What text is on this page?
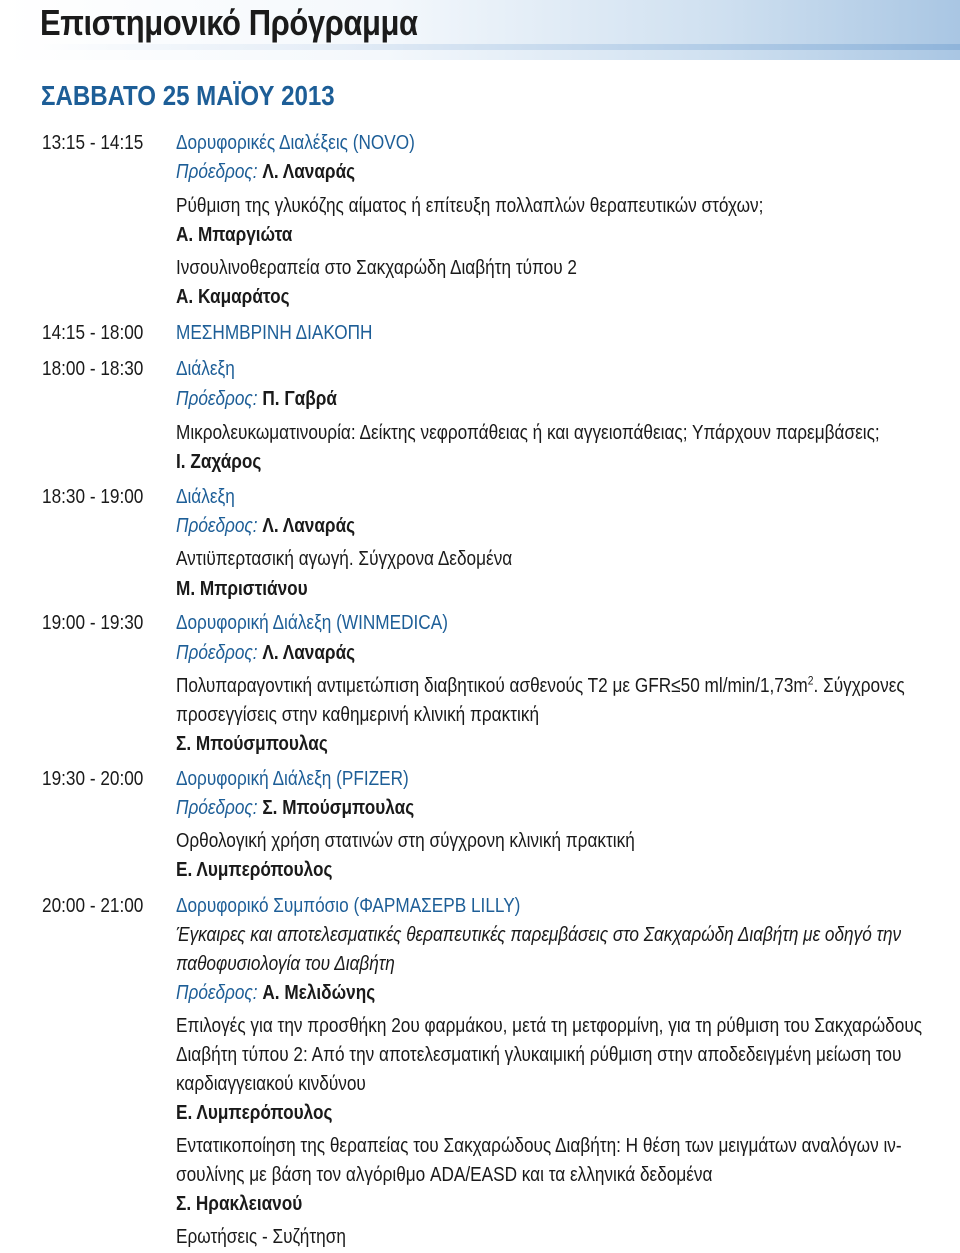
Επιστημονικό Πρόγραμμα
ΣΑΒΒΑΤΟ 25 ΜΑΪΟΥ 2013
13:15 - 14:15 Δορυφορικές Διαλέξεις (NOVO)
Πρόεδρος: Λ. Λαναράς
Ρύθμιση της γλυκόζης αίματος ή επίτευξη πολλαπλών θεραπευτικών στόχων;
Α. Μπαργιώτα
Ινσουλινοθεραπεία στο Σακχαρώδη Διαβήτη τύπου 2
Α. Καμαράτος
14:15 - 18:00 ΜΕΣΗΜΒΡΙΝΗ ΔΙΑΚΟΠΗ
18:00 - 18:30 Διάλεξη
Πρόεδρος: Π. Γαβρά
Μικρολευκωματινουρία: Δείκτης νεφροπάθειας ή και αγγειοπάθειας; Υπάρχουν παρεμβάσεις;
Ι. Ζαχάρος
18:30 - 19:00 Διάλεξη
Πρόεδρος: Λ. Λαναράς
Αντιϋπερτασική αγωγή. Σύγχρονα Δεδομένα
Μ. Μπριστιάνου
19:00 - 19:30 Δορυφορική Διάλεξη (WINMEDICA)
Πρόεδρος: Λ. Λαναράς
Πολυπαραγοντική αντιμετώπιση διαβητικού ασθενούς Τ2 με GFR≤50 $ml/\min/1,73m^2$. Σύγχρονες
προσεγγίσεις στην καθημερινή κλινική πρακτική
Σ. Μπούσμπουλας
19:30 - 20:00 Δορυφορική Διάλεξη (PFIZER)
Πρόεδρος: Σ. Μπούσμπουλας
Ορθολογική χρήση στατινών στη σύγχρονη κλινική πρακτική
Ε. Λυμπερόπουλος
20:00 - 21:00 Δορυφορικό Συμπόσιο (ΦΑΡΜΑΣΕΡΒ LILLY)
Έγκαιρες και αποτελεσματικές θεραπευτικές παρεμβάσεις στο Σακχαρώδη Διαβήτη με οδηγό την
παθοφυσιολογία του Διαβήτη
Πρόεδρος: Α. Μελιδώνης
Επιλογές για την προσθήκη 2ου φαρμάκου, μετά τη μετφορμίνη, για τη ρύθμιση του Σακχαρώδους
Διαβήτη τύπου 2: Από την αποτελεσματική γλυκαιμική ρύθμιση στην αποδεδειγμένη μείωση του
καρδιαγγειακού κινδύνου
Ε. Λυμπερόπουλος
Εντατικοποίηση της θεραπείας του Σακχαρώδους Διαβήτη: Η θέση των μειγμάτων αναλόγων ιν-
σουλίνης με βάση τον αλγόριθμο ADA/EASD και τα ελληνικά δεδομένα
Σ. Ηρακλειανού
Ερωτήσεις - Συζήτηση
